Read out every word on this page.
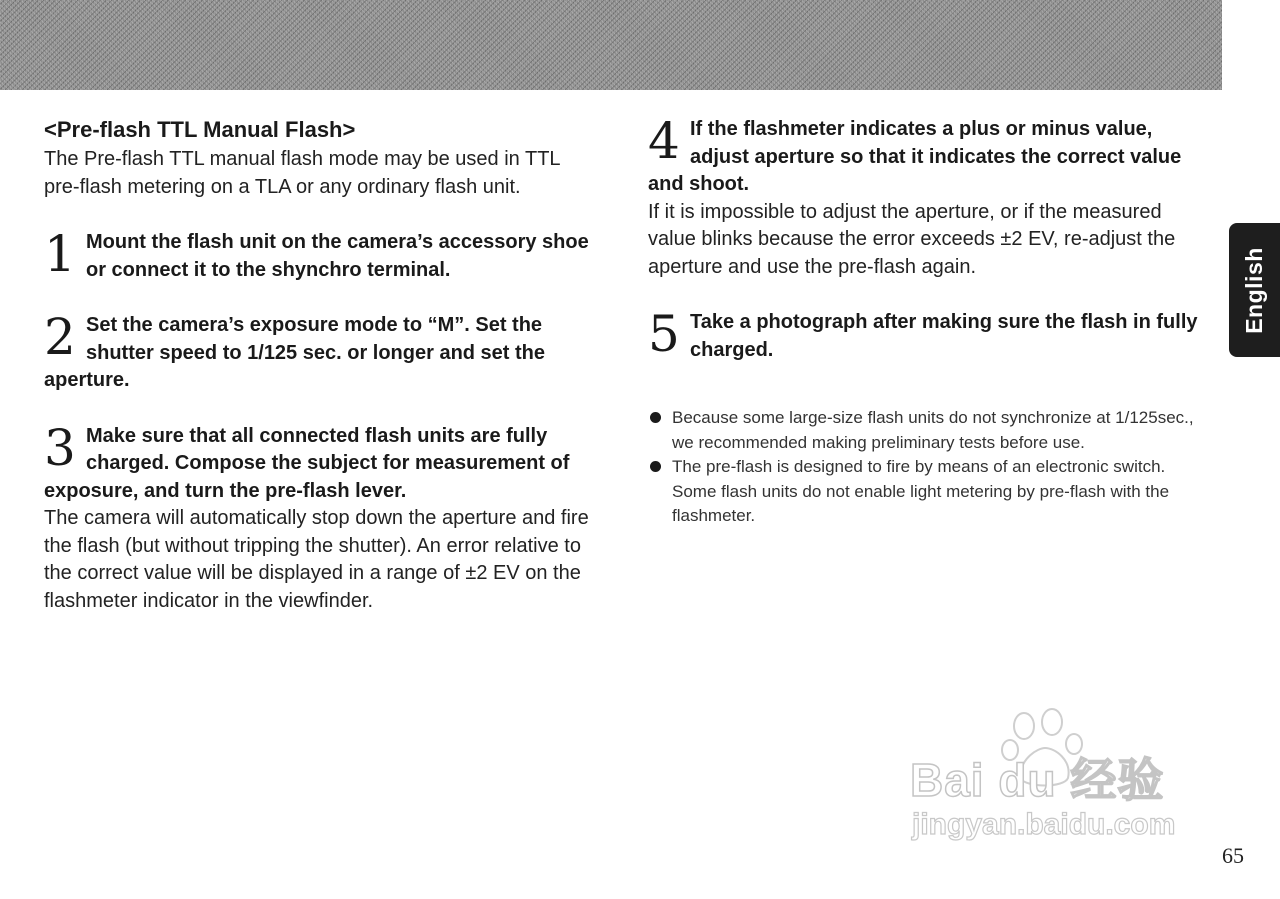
<Pre-flash TTL Manual Flash>

The Pre-flash TTL manual flash mode may be used in TTL pre-flash metering on a TLA or any ordinary flash unit.

1 Mount the flash unit on the camera’s accessory shoe or connect it to the shynchro terminal.

2 Set the camera’s exposure mode to “M”. Set the shutter speed to 1/125 sec. or longer and set the aperture.

3 Make sure that all connected flash units are fully charged. Compose the subject for measurement of exposure, and turn the pre-flash lever.

The camera will automatically stop down the aperture and fire the flash (but without tripping the shutter). An error relative to the correct value will be displayed in a range of ±2 EV on the flashmeter indicator in the viewfinder.

4 If the flashmeter indicates a plus or minus value, adjust aperture so that it indicates the correct value and shoot.

If it is impossible to adjust the aperture, or if the measured value blinks because the error exceeds ±2 EV, re-adjust the aperture and use the pre-flash again.

5 Take a photograph after making sure the flash in fully charged.

Because some large-size flash units do not synchronize at 1/125sec., we recommended making preliminary tests before use.
The pre-flash is designed to fire by means of an electronic switch. Some flash units do not enable light metering by pre-flash with the flashmeter.
English
65
Bai du 经验
jingyan.baidu.com
